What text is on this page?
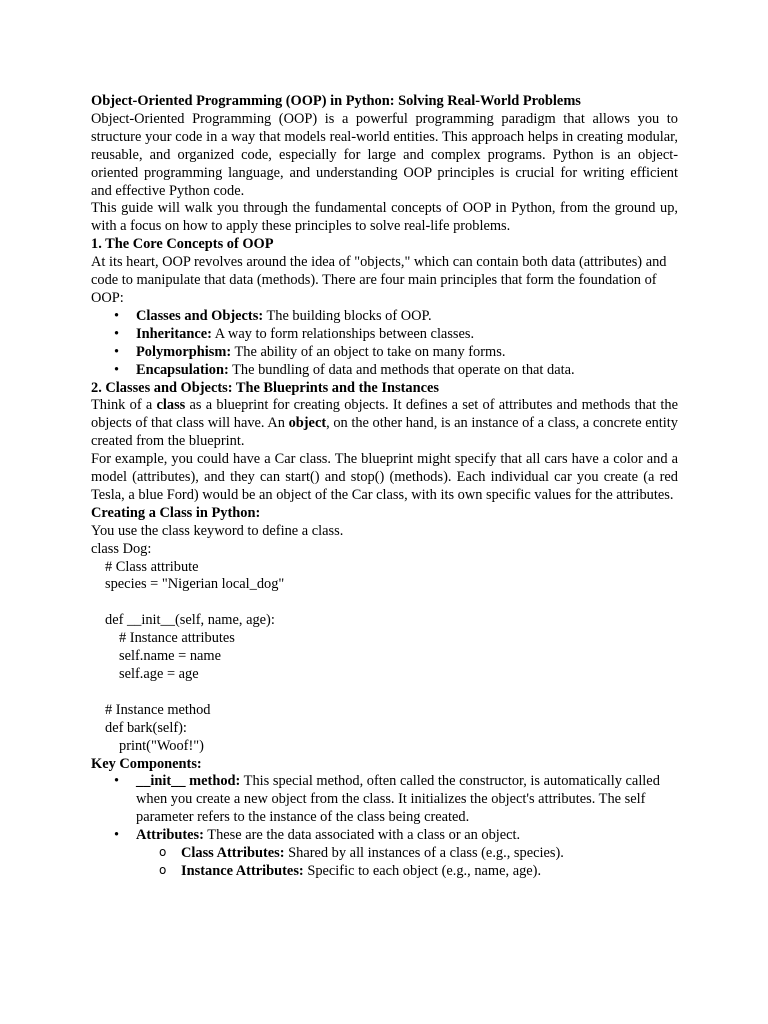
Object-Oriented Programming (OOP) in Python: Solving Real-World Problems

Object-Oriented Programming (OOP) is a powerful programming paradigm that allows you to structure your code in a way that models real-world entities. This approach helps in creating modular, reusable, and organized code, especially for large and complex programs. Python is an object-oriented programming language, and understanding OOP principles is crucial for writing efficient and effective Python code.

This guide will walk you through the fundamental concepts of OOP in Python, from the ground up, with a focus on how to apply these principles to solve real-life problems.

1. The Core Concepts of OOP

At its heart, OOP revolves around the idea of "objects," which can contain both data (attributes) and code to manipulate that data (methods). There are four main principles that form the foundation of OOP:

• Classes and Objects: The building blocks of OOP.
• Inheritance: A way to form relationships between classes.
• Polymorphism: The ability of an object to take on many forms.
• Encapsulation: The bundling of data and methods that operate on that data.

2. Classes and Objects: The Blueprints and the Instances

Think of a class as a blueprint for creating objects. It defines a set of attributes and methods that the objects of that class will have. An object, on the other hand, is an instance of a class, a concrete entity created from the blueprint.

For example, you could have a Car class. The blueprint might specify that all cars have a color and a model (attributes), and they can start() and stop() (methods). Each individual car you create (a red Tesla, a blue Ford) would be an object of the Car class, with its own specific values for the attributes.

Creating a Class in Python:

You use the class keyword to define a class.

class Dog:
# Class attribute
species = "Nigerian local_dog"
def __init__(self, name, age):
# Instance attributes
self.name = name
self.age = age
# Instance method
def bark(self):
print("Woof!")

Key Components:

• __init__ method: This special method, often called the constructor, is automatically called when you create a new object from the class. It initializes the object's attributes. The self parameter refers to the instance of the class being created.
• Attributes: These are the data associated with a class or an object.
o Class Attributes: Shared by all instances of a class (e.g., species).
o Instance Attributes: Specific to each object (e.g., name, age).
